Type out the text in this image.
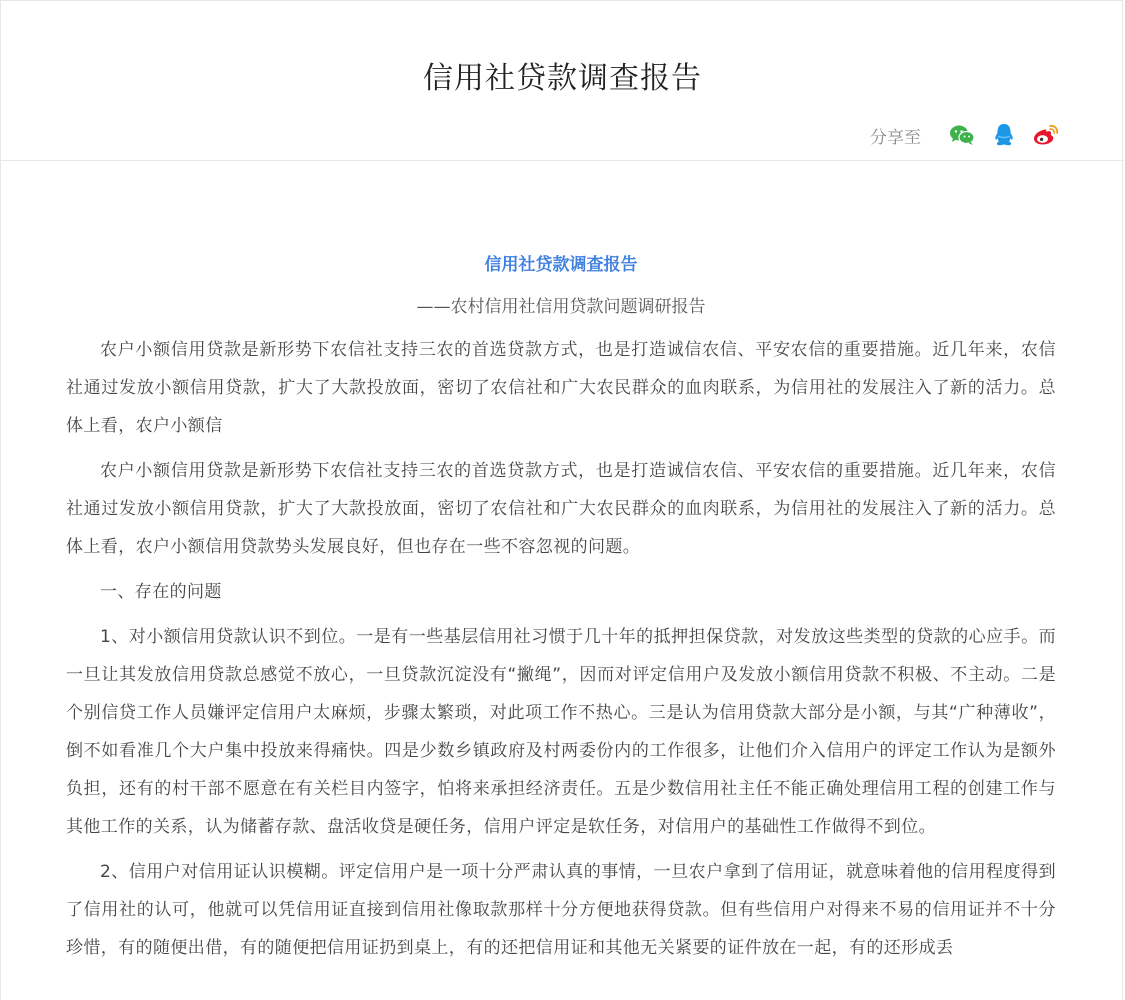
信用社贷款调查报告
分享至
信用社贷款调查报告
——农村信用社信用贷款问题调研报告

农户小额信用贷款是新形势下农信社支持三农的首选贷款方式，也是打造诚信农信、平安农信的重要措施。近几年来，农信社通过发放小额信用贷款，扩大了大款投放面，密切了农信社和广大农民群众的血肉联系，为信用社的发展注入了新的活力。总体上看，农户小额信

农户小额信用贷款是新形势下农信社支持三农的首选贷款方式，也是打造诚信农信、平安农信的重要措施。近几年来，农信社通过发放小额信用贷款，扩大了大款投放面，密切了农信社和广大农民群众的血肉联系，为信用社的发展注入了新的活力。总体上看，农户小额信用贷款势头发展良好，但也存在一些不容忽视的问题。

一、存在的问题

1、对小额信用贷款认识不到位。一是有一些基层信用社习惯于几十年的抵押担保贷款，对发放这些类型的贷款的心应手。而一旦让其发放信用贷款总感觉不放心，一旦贷款沉淀没有“撇绳”，因而对评定信用户及发放小额信用贷款不积极、不主动。二是个别信贷工作人员嫌评定信用户太麻烦，步骤太繁琐，对此项工作不热心。三是认为信用贷款大部分是小额，与其“广种薄收”，倒不如看准几个大户集中投放来得痛快。四是少数乡镇政府及村两委份内的工作很多，让他们介入信用户的评定工作认为是额外负担，还有的村干部不愿意在有关栏目内签字，怕将来承担经济责任。五是少数信用社主任不能正确处理信用工程的创建工作与其他工作的关系，认为储蓄存款、盘活收贷是硬任务，信用户评定是软任务，对信用户的基础性工作做得不到位。

2、信用户对信用证认识模糊。评定信用户是一项十分严肃认真的事情，一旦农户拿到了信用证，就意味着他的信用程度得到了信用社的认可，他就可以凭信用证直接到信用社像取款那样十分方便地获得贷款。但有些信用户对得来不易的信用证并不十分珍惜，有的随便出借，有的随便把信用证扔到桌上，有的还把信用证和其他无关紧要的证件放在一起，有的还形成丢
